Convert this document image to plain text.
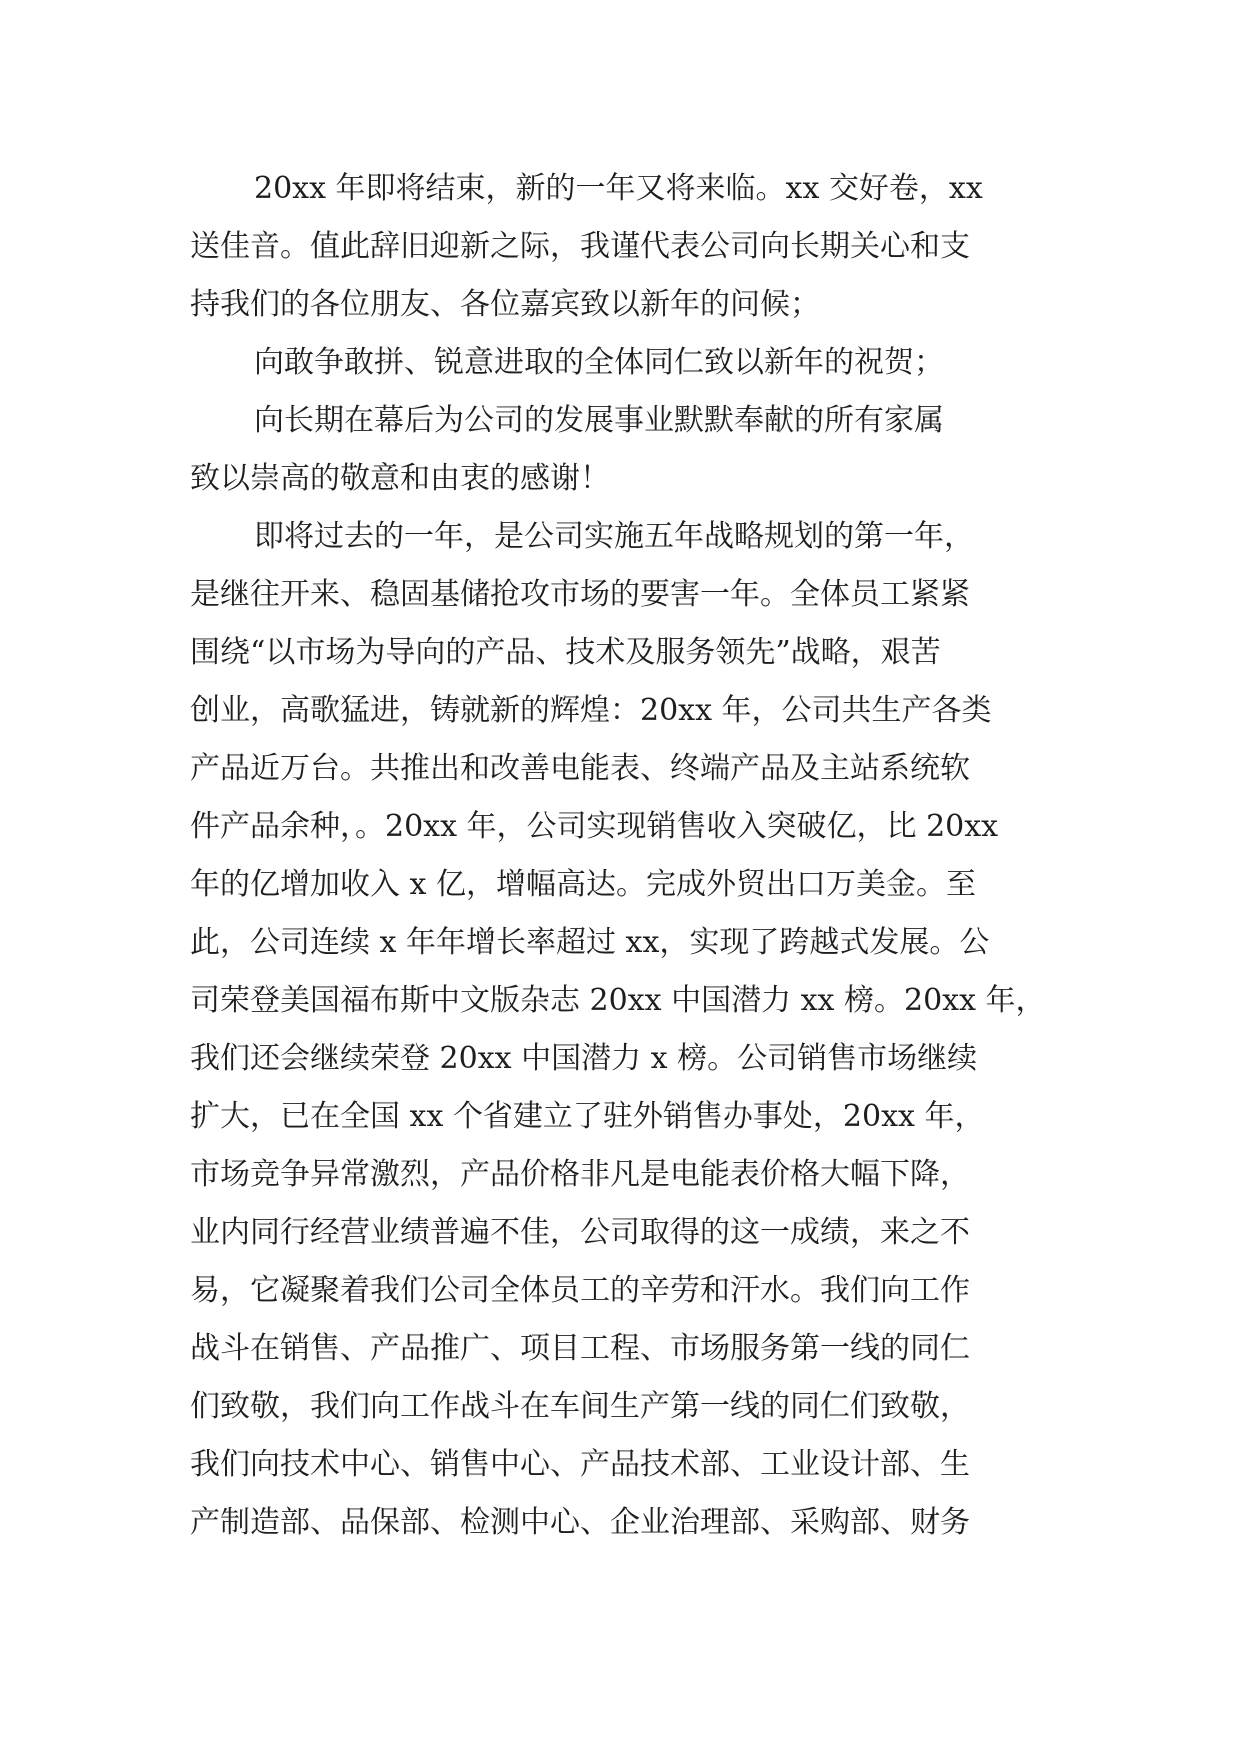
20xx 年即将结束，新的一年又将来临。xx 交好卷，xx
送佳音。值此辞旧迎新之际，我谨代表公司向长期关心和支
持我们的各位朋友、各位嘉宾致以新年的问候；
向敢争敢拼、锐意进取的全体同仁致以新年的祝贺；
向长期在幕后为公司的发展事业默默奉献的所有家属
致以崇高的敬意和由衷的感谢！
即将过去的一年，是公司实施五年战略规划的第一年，
是继往开来、稳固基储抢攻市场的要害一年。全体员工紧紧
围绕“以市场为导向的产品、技术及服务领先”战略，艰苦
创业，高歌猛进，铸就新的辉煌：20xx 年，公司共生产各类
产品近万台。共推出和改善电能表、终端产品及主站系统软
件产品余种，。20xx 年，公司实现销售收入突破亿，比 20xx
年的亿增加收入 x 亿，增幅高达。完成外贸出口万美金。至
此，公司连续 x 年年增长率超过 xx，实现了跨越式发展。公
司荣登美国福布斯中文版杂志 20xx 中国潜力 xx 榜。20xx 年，
我们还会继续荣登 20xx 中国潜力 x 榜。公司销售市场继续
扩大，已在全国 xx 个省建立了驻外销售办事处，20xx 年，
市场竞争异常激烈，产品价格非凡是电能表价格大幅下降，
业内同行经营业绩普遍不佳，公司取得的这一成绩，来之不
易，它凝聚着我们公司全体员工的辛劳和汗水。我们向工作
战斗在销售、产品推广、项目工程、市场服务第一线的同仁
们致敬，我们向工作战斗在车间生产第一线的同仁们致敬，
我们向技术中心、销售中心、产品技术部、工业设计部、生
产制造部、品保部、检测中心、企业治理部、采购部、财务
